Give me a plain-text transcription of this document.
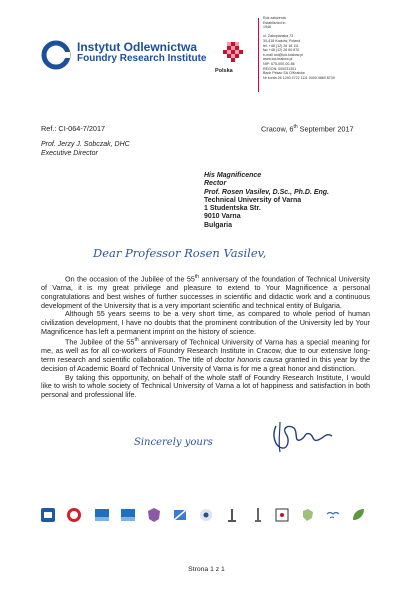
Instytut Odlewnictwa
Foundry Research Institute
Polska
Rok założenia
Established in
1946

ul. Zakopiańska 73
30-418 Kraków, Poland
tel. +48 (12) 26 18 111
fax +48 (12) 26 60 870
e-mail iod@iod.krakow.pl
www.iod.krakow.pl
NIP: 675-000-00-86
REGON: 000031301
Bank Pekao SA O/Kraków
Nr konta 26 1240 4722 1111 0000 4860 8739
Ref.: CI-064-7/2017	Cracow, 6th September 2017
Prof. Jerzy J. Sobczak, DHC
Executive Director
His Magnificence
Rector
Prof. Rosen Vasilev, D.Sc., Ph.D. Eng.
Technical University of Varna
1 Studentska Str.
9010 Varna
Bulgaria
Dear Professor Rosen Vasilev,

On the occasion of the Jubilee of the 55th anniversary of the foundation of Technical University of Varna, it is my great privilege and pleasure to extend to Your Magnificence a personal congratulations and best wishes of further successes in scientific and didactic work and a continuous development of the University that is a very important scientific and technical entity of Bulgaria.

Although 55 years seems to be a very short time, as compared to whole period of human civilization development, I have no doubts that the prominent contribution of the University led by Your Magnificence has left a permanent imprint on the history of science.

The Jubilee of the 55th anniversary of Technical University of Varna has a special meaning for me, as well as for all co-workers of Foundry Research Institute in Cracow, due to our extensive long-term research and scientific collaboration. The title of doctor honoris causa granted in this year by the decision of Academic Board of Technical University of Varna is for me a great honor and distinction.

By taking this opportunity, on behalf of the whole staff of Foundry Research Institute, I would like to wish to whole society of Technical University of Varna a lot of happiness and satisfaction in both personal and professional life.

Sincerely yours
Strona 1 z 1
